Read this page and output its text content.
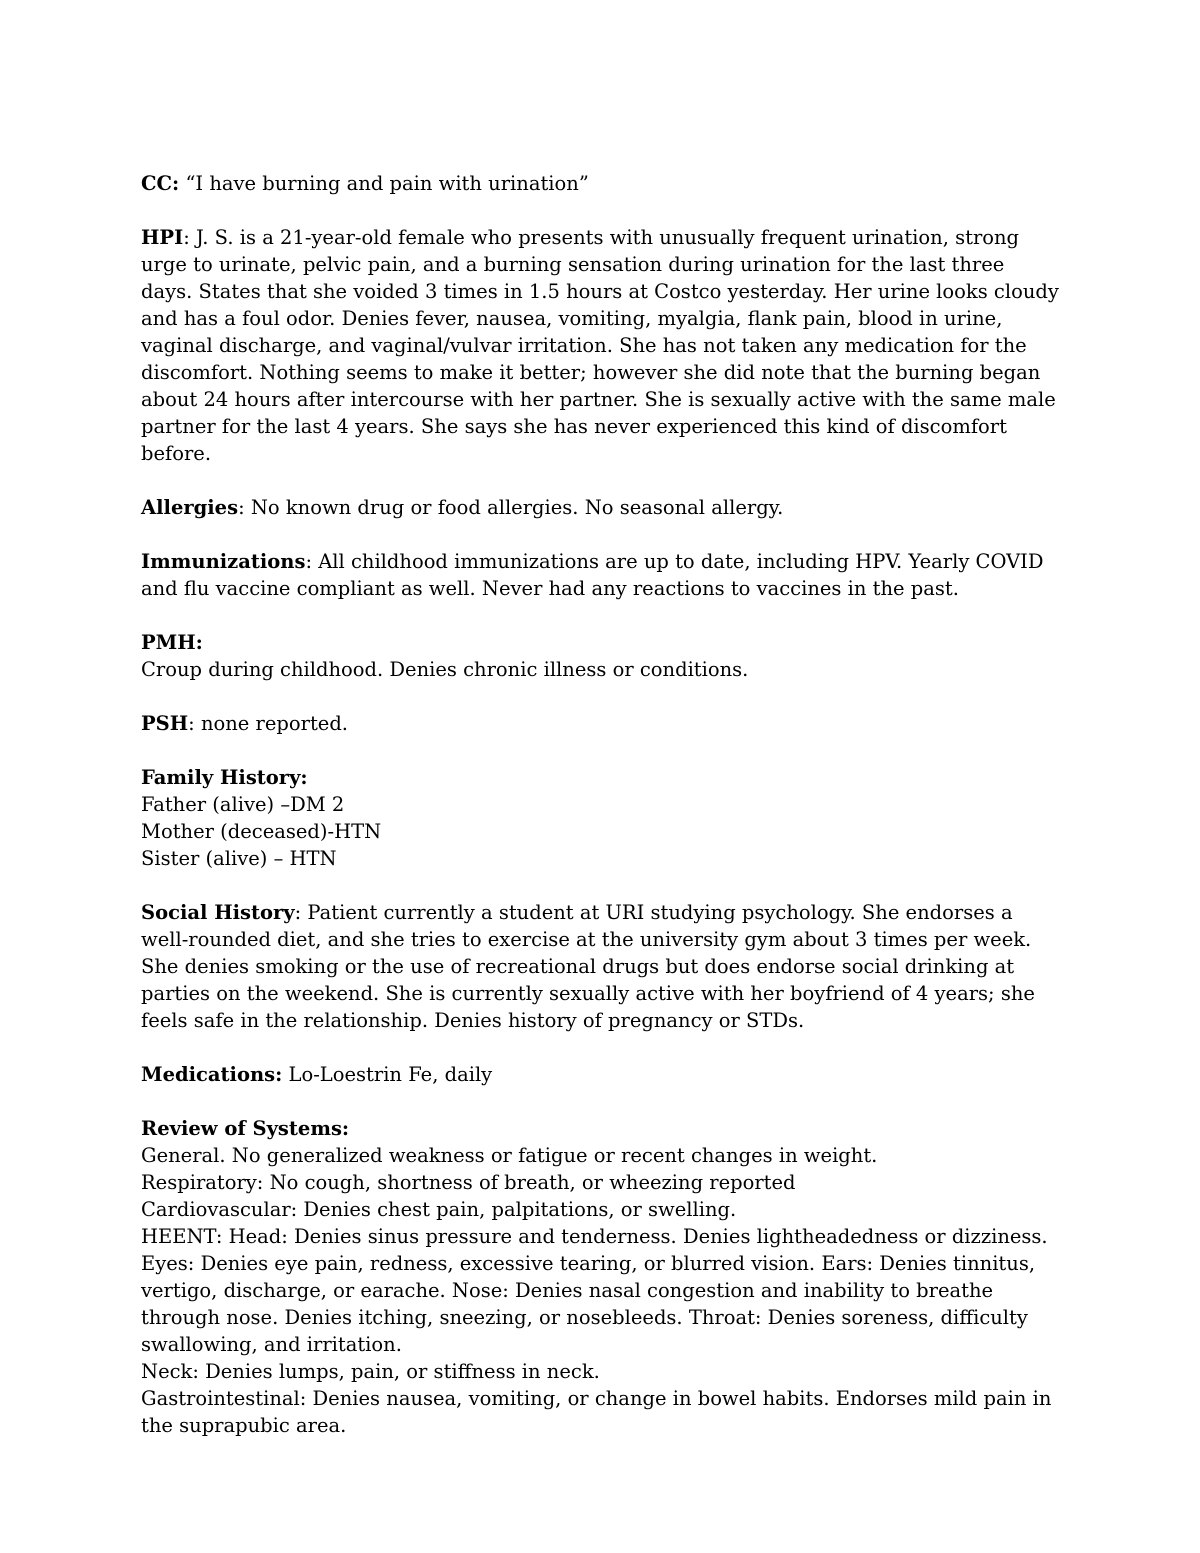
CC: “I have burning and pain with urination”
HPI: J. S. is a 21-year-old female who presents with unusually frequent urination, strong urge to urinate, pelvic pain, and a burning sensation during urination for the last three days. States that she voided 3 times in 1.5 hours at Costco yesterday. Her urine looks cloudy and has a foul odor. Denies fever, nausea, vomiting, myalgia, flank pain, blood in urine, vaginal discharge, and vaginal/vulvar irritation. She has not taken any medication for the discomfort. Nothing seems to make it better; however she did note that the burning began about 24 hours after intercourse with her partner. She is sexually active with the same male partner for the last 4 years. She says she has never experienced this kind of discomfort before.
Allergies: No known drug or food allergies. No seasonal allergy.
Immunizations: All childhood immunizations are up to date, including HPV. Yearly COVID and flu vaccine compliant as well. Never had any reactions to vaccines in the past.
PMH:
Croup during childhood. Denies chronic illness or conditions.
PSH: none reported.
Family History:
Father (alive) –DM 2
Mother (deceased)-HTN
Sister (alive) – HTN
Social History: Patient currently a student at URI studying psychology. She endorses a well-rounded diet, and she tries to exercise at the university gym about 3 times per week. She denies smoking or the use of recreational drugs but does endorse social drinking at parties on the weekend. She is currently sexually active with her boyfriend of 4 years; she feels safe in the relationship. Denies history of pregnancy or STDs.
Medications: Lo-Loestrin Fe, daily
Review of Systems:
General. No generalized weakness or fatigue or recent changes in weight.
Respiratory: No cough, shortness of breath, or wheezing reported
Cardiovascular: Denies chest pain, palpitations, or swelling.
HEENT: Head: Denies sinus pressure and tenderness. Denies lightheadedness or dizziness. Eyes: Denies eye pain, redness, excessive tearing, or blurred vision. Ears: Denies tinnitus, vertigo, discharge, or earache. Nose: Denies nasal congestion and inability to breathe through nose. Denies itching, sneezing, or nosebleeds. Throat: Denies soreness, difficulty swallowing, and irritation.
Neck: Denies lumps, pain, or stiffness in neck.
Gastrointestinal: Denies nausea, vomiting, or change in bowel habits. Endorses mild pain in the suprapubic area.
